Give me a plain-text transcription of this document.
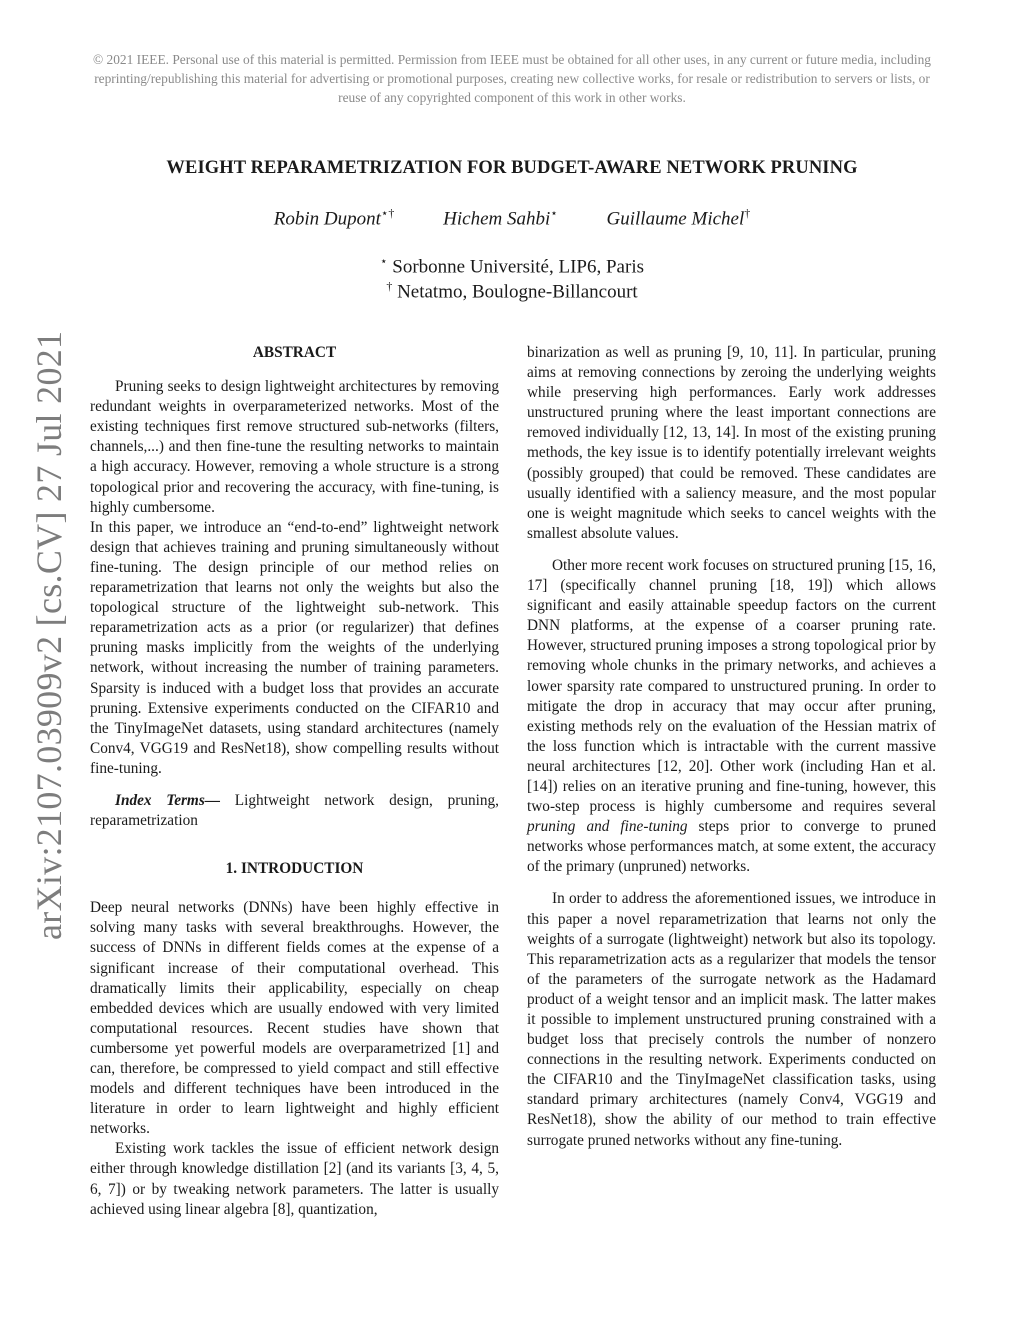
© 2021 IEEE. Personal use of this material is permitted. Permission from IEEE must be obtained for all other uses, in any current or future media, including reprinting/republishing this material for advertising or promotional purposes, creating new collective works, for resale or redistribution to servers or lists, or reuse of any copyrighted component of this work in other works.
arXiv:2107.03909v2 [cs.CV] 27 Jul 2021
WEIGHT REPARAMETRIZATION FOR BUDGET-AWARE NETWORK PRUNING
Robin Dupont⋆†	Hichem Sahbi⋆	Guillaume Michel†
⋆ Sorbonne Université, LIP6, Paris
† Netatmo, Boulogne-Billancourt

ABSTRACT

Pruning seeks to design lightweight architectures by removing redundant weights in overparameterized networks. Most of the existing techniques first remove structured sub-networks (filters, channels,...) and then fine-tune the resulting networks to maintain a high accuracy. However, removing a whole structure is a strong topological prior and recovering the accuracy, with fine-tuning, is highly cumbersome.

In this paper, we introduce an “end-to-end” lightweight network design that achieves training and pruning simultaneously without fine-tuning. The design principle of our method relies on reparametrization that learns not only the weights but also the topological structure of the lightweight sub-network. This reparametrization acts as a prior (or regularizer) that defines pruning masks implicitly from the weights of the underlying network, without increasing the number of training parameters. Sparsity is induced with a budget loss that provides an accurate pruning. Extensive experiments conducted on the CIFAR10 and the TinyImageNet datasets, using standard architectures (namely Conv4, VGG19 and ResNet18), show compelling results without fine-tuning.

Index Terms— Lightweight network design, pruning, reparametrization

1. INTRODUCTION

Deep neural networks (DNNs) have been highly effective in solving many tasks with several breakthroughs. However, the success of DNNs in different fields comes at the expense of a significant increase of their computational overhead. This dramatically limits their applicability, especially on cheap embedded devices which are usually endowed with very limited computational resources. Recent studies have shown that cumbersome yet powerful models are overparametrized [1] and can, therefore, be compressed to yield compact and still effective models and different techniques have been introduced in the literature in order to learn lightweight and highly efficient networks.

Existing work tackles the issue of efficient network design either through knowledge distillation [2] (and its variants [3, 4, 5, 6, 7]) or by tweaking network parameters. The latter is usually achieved using linear algebra [8], quantization,

binarization as well as pruning [9, 10, 11]. In particular, pruning aims at removing connections by zeroing the underlying weights while preserving high performances. Early work addresses unstructured pruning where the least important connections are removed individually [12, 13, 14]. In most of the existing pruning methods, the key issue is to identify potentially irrelevant weights (possibly grouped) that could be removed. These candidates are usually identified with a saliency measure, and the most popular one is weight magnitude which seeks to cancel weights with the smallest absolute values.

Other more recent work focuses on structured pruning [15, 16, 17] (specifically channel pruning [18, 19]) which allows significant and easily attainable speedup factors on the current DNN platforms, at the expense of a coarser pruning rate. However, structured pruning imposes a strong topological prior by removing whole chunks in the primary networks, and achieves a lower sparsity rate compared to unstructured pruning. In order to mitigate the drop in accuracy that may occur after pruning, existing methods rely on the evaluation of the Hessian matrix of the loss function which is intractable with the current massive neural architectures [12, 20]. Other work (including Han et al. [14]) relies on an iterative pruning and fine-tuning, however, this two-step process is highly cumbersome and requires several pruning and fine-tuning steps prior to converge to pruned networks whose performances match, at some extent, the accuracy of the primary (unpruned) networks.

In order to address the aforementioned issues, we introduce in this paper a novel reparametrization that learns not only the weights of a surrogate (lightweight) network but also its topology. This reparametrization acts as a regularizer that models the tensor of the parameters of the surrogate network as the Hadamard product of a weight tensor and an implicit mask. The latter makes it possible to implement unstructured pruning constrained with a budget loss that precisely controls the number of nonzero connections in the resulting network. Experiments conducted on the CIFAR10 and the TinyImageNet classification tasks, using standard primary architectures (namely Conv4, VGG19 and ResNet18), show the ability of our method to train effective surrogate pruned networks without any fine-tuning.
